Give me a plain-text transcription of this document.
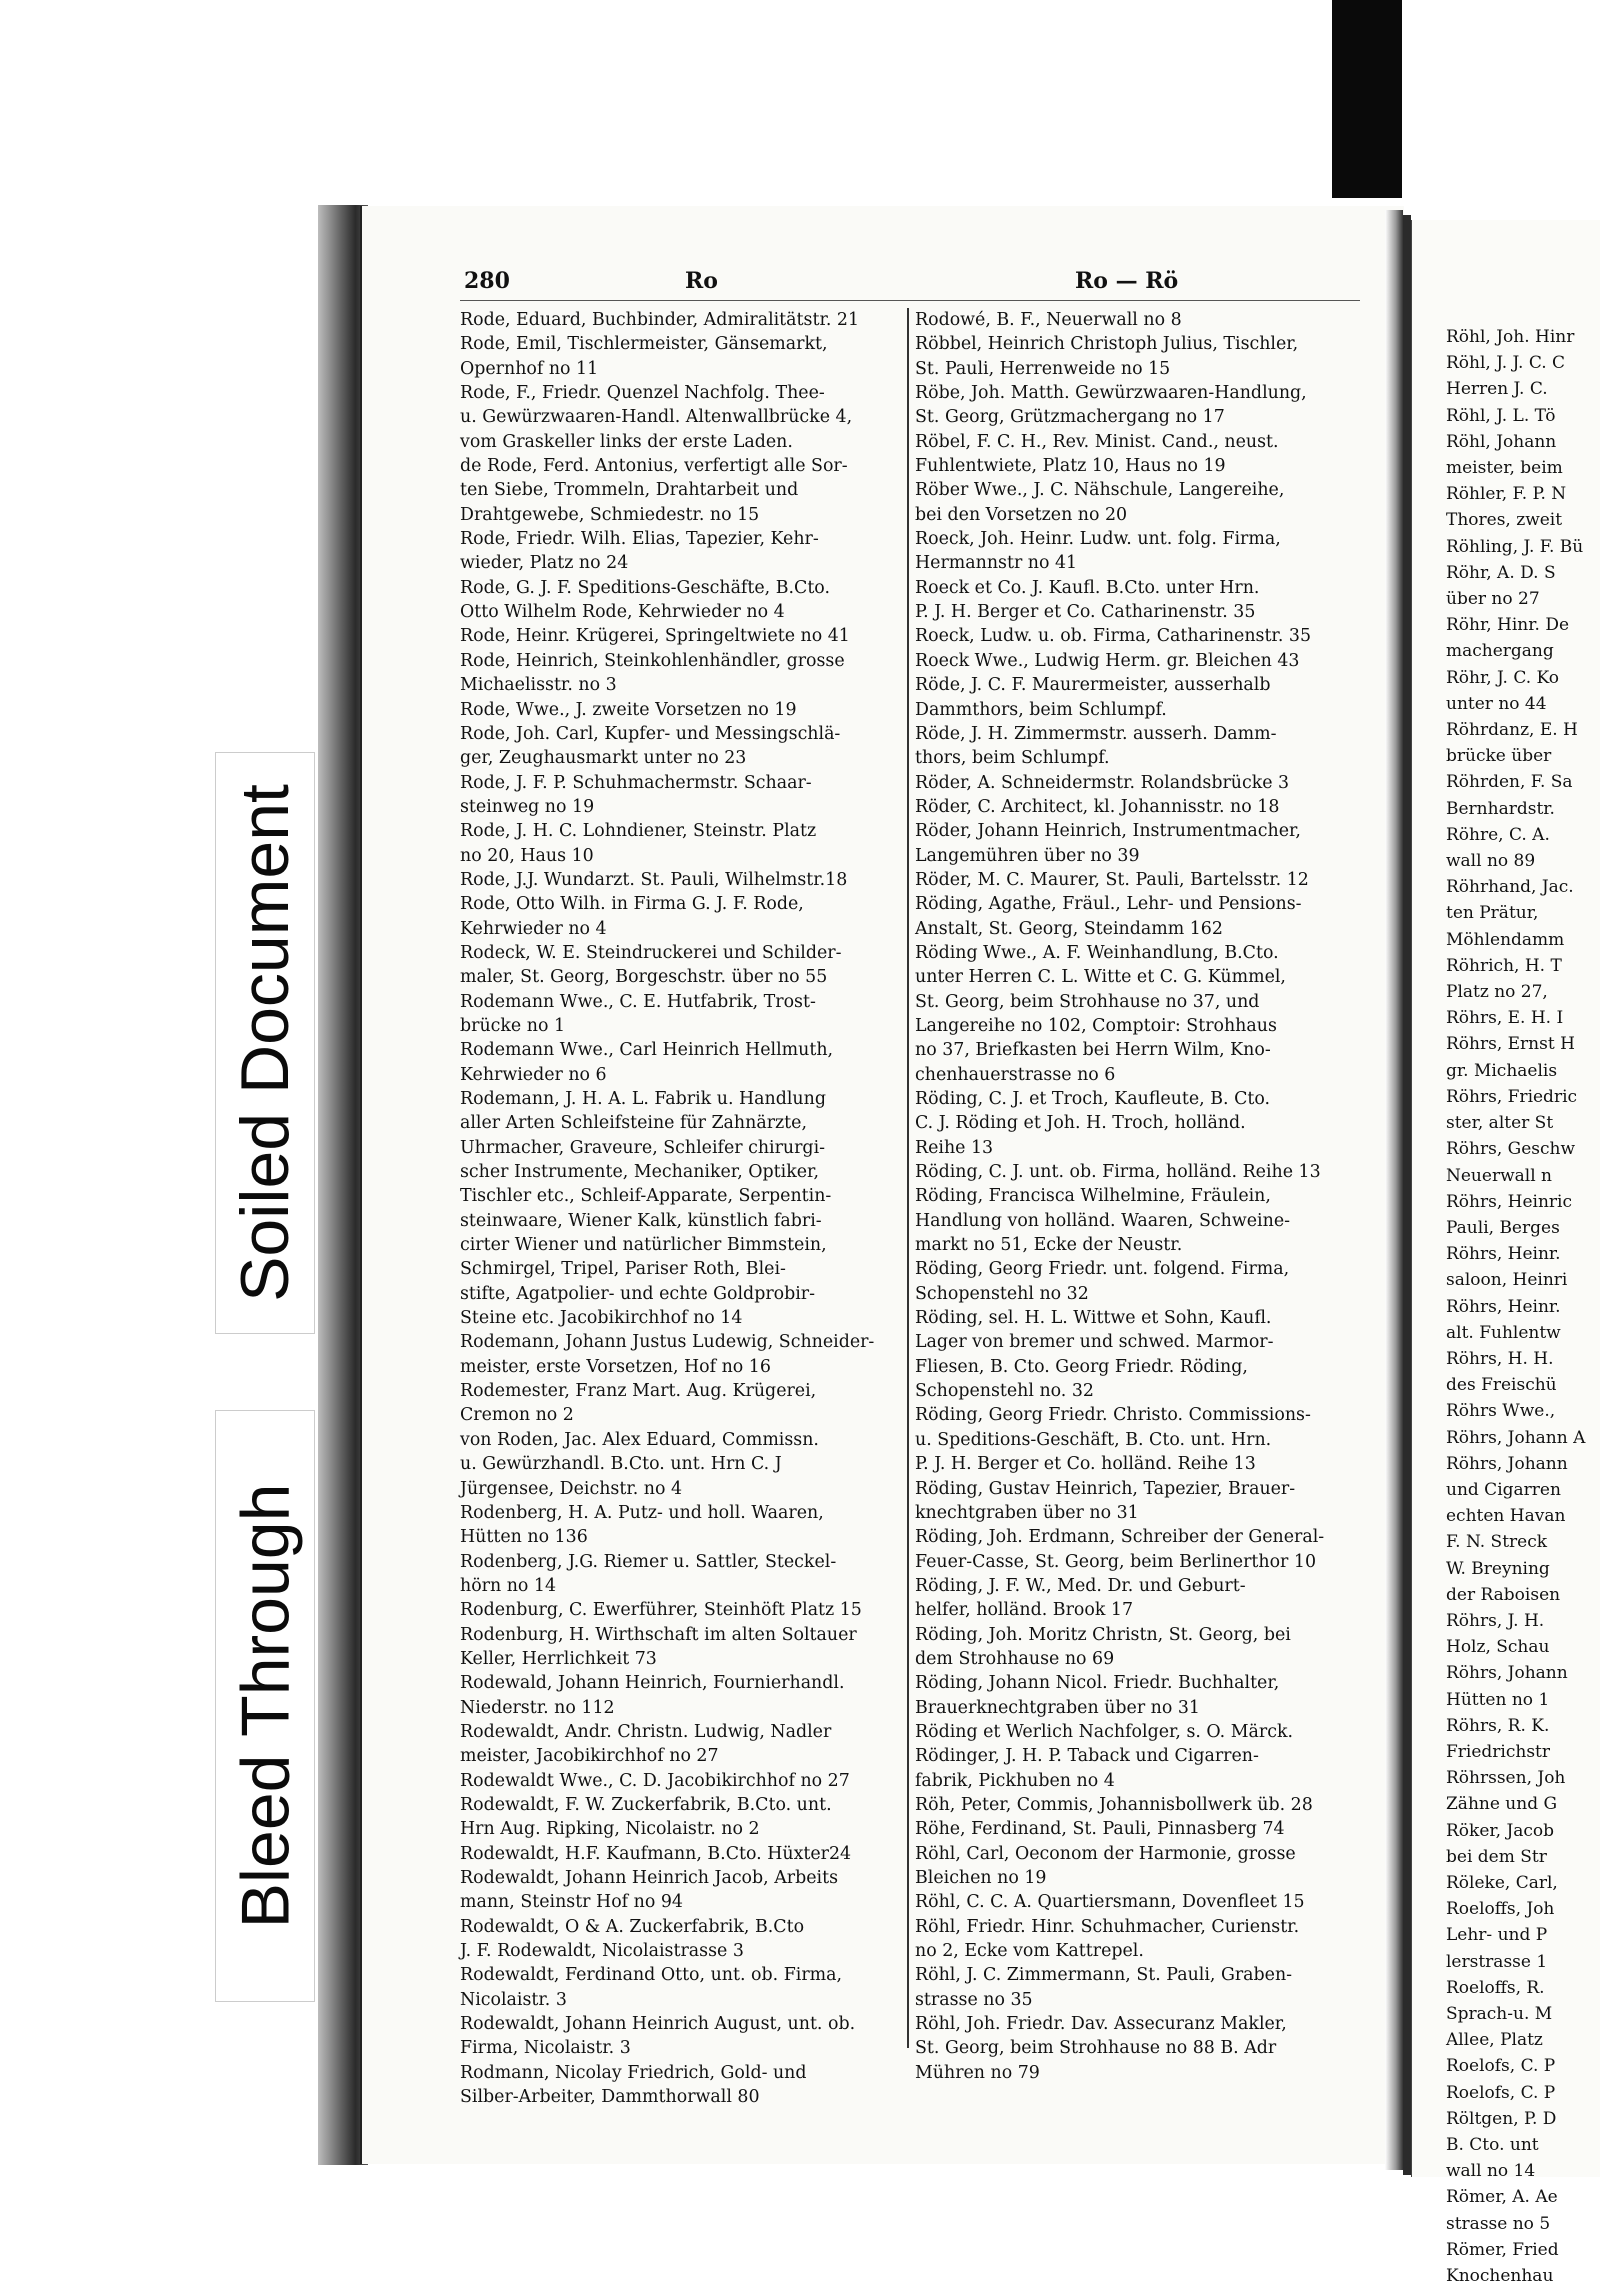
Soiled Document
Bleed Through
280	Ro	Ro — Rö
Rode, Eduard, Buchbinder, Admiralitätstr. 21
Rode, Emil, Tischlermeister, Gänsemarkt,
Opernhof no 11
Rode, F., Friedr. Quenzel Nachfolg. Thee-
u. Gewürzwaaren-Handl. Altenwallbrücke 4,
vom Graskeller links der erste Laden.
de Rode, Ferd. Antonius, verfertigt alle Sor-
ten Siebe, Trommeln, Drahtarbeit und
Drahtgewebe, Schmiedestr. no 15
Rode, Friedr. Wilh. Elias, Tapezier, Kehr-
wieder, Platz no 24
Rode, G. J. F. Speditions-Geschäfte, B.Cto.
Otto Wilhelm Rode, Kehrwieder no 4
Rode, Heinr. Krügerei, Springeltwiete no 41
Rode, Heinrich, Steinkohlenhändler, grosse
Michaelisstr. no 3
Rode, Wwe., J. zweite Vorsetzen no 19
Rode, Joh. Carl, Kupfer- und Messingschlä-
ger, Zeughausmarkt unter no 23
Rode, J. F. P. Schuhmachermstr. Schaar-
steinweg no 19
Rode, J. H. C. Lohndiener, Steinstr. Platz
no 20, Haus 10
Rode, J.J. Wundarzt. St. Pauli, Wilhelmstr.18
Rode, Otto Wilh. in Firma G. J. F. Rode,
Kehrwieder no 4
Rodeck, W. E. Steindruckerei und Schilder-
maler, St. Georg, Borgeschstr. über no 55
Rodemann Wwe., C. E. Hutfabrik, Trost-
brücke no 1
Rodemann Wwe., Carl Heinrich Hellmuth,
Kehrwieder no 6
Rodemann, J. H. A. L. Fabrik u. Handlung
aller Arten Schleifsteine für Zahnärzte,
Uhrmacher, Graveure, Schleifer chirurgi-
scher Instrumente, Mechaniker, Optiker,
Tischler etc., Schleif-Apparate, Serpentin-
steinwaare, Wiener Kalk, künstlich fabri-
cirter Wiener und natürlicher Bimmstein,
Schmirgel, Tripel, Pariser Roth, Blei-
stifte, Agatpolier- und echte Goldprobir-
Steine etc. Jacobikirchhof no 14
Rodemann, Johann Justus Ludewig, Schneider-
meister, erste Vorsetzen, Hof no 16
Rodemester, Franz Mart. Aug. Krügerei,
Cremon no 2
von Roden, Jac. Alex Eduard, Commissn.
u. Gewürzhandl. B.Cto. unt. Hrn C. J
Jürgensee, Deichstr. no 4
Rodenberg, H. A. Putz- und holl. Waaren,
Hütten no 136
Rodenberg, J.G. Riemer u. Sattler, Steckel-
hörn no 14
Rodenburg, C. Ewerführer, Steinhöft Platz 15
Rodenburg, H. Wirthschaft im alten Soltauer
Keller, Herrlichkeit 73
Rodewald, Johann Heinrich, Fournierhandl.
Niederstr. no 112
Rodewaldt, Andr. Christn. Ludwig, Nadler
meister, Jacobikirchhof no 27
Rodewaldt Wwe., C. D. Jacobikirchhof no 27
Rodewaldt, F. W. Zuckerfabrik, B.Cto. unt.
Hrn Aug. Ripking, Nicolaistr. no 2
Rodewaldt, H.F. Kaufmann, B.Cto. Hüxter24
Rodewaldt, Johann Heinrich Jacob, Arbeits
mann, Steinstr Hof no 94
Rodewaldt, O & A. Zuckerfabrik, B.Cto
J. F. Rodewaldt, Nicolaistrasse 3
Rodewaldt, Ferdinand Otto, unt. ob. Firma,
Nicolaistr. 3
Rodewaldt, Johann Heinrich August, unt. ob.
Firma, Nicolaistr. 3
Rodmann, Nicolay Friedrich, Gold- und
Silber-Arbeiter, Dammthorwall 80
Rodowé, B. F., Neuerwall no 8
Röbbel, Heinrich Christoph Julius, Tischler,
St. Pauli, Herrenweide no 15
Röbe, Joh. Matth. Gewürzwaaren-Handlung,
St. Georg, Grützmachergang no 17
Röbel, F. C. H., Rev. Minist. Cand., neust.
Fuhlentwiete, Platz 10, Haus no 19
Röber Wwe., J. C. Nähschule, Langereihe,
bei den Vorsetzen no 20
Roeck, Joh. Heinr. Ludw. unt. folg. Firma,
Hermannstr no 41
Roeck et Co. J. Kaufl. B.Cto. unter Hrn.
P. J. H. Berger et Co. Catharinenstr. 35
Roeck, Ludw. u. ob. Firma, Catharinenstr. 35
Roeck Wwe., Ludwig Herm. gr. Bleichen 43
Röde, J. C. F. Maurermeister, ausserhalb
Dammthors, beim Schlumpf.
Röde, J. H. Zimmermstr. ausserh. Damm-
thors, beim Schlumpf.
Röder, A. Schneidermstr. Rolandsbrücke 3
Röder, C. Architect, kl. Johannisstr. no 18
Röder, Johann Heinrich, Instrumentmacher,
Langemühren über no 39
Röder, M. C. Maurer, St. Pauli, Bartelsstr. 12
Röding, Agathe, Fräul., Lehr- und Pensions-
Anstalt, St. Georg, Steindamm 162
Röding Wwe., A. F. Weinhandlung, B.Cto.
unter Herren C. L. Witte et C. G. Kümmel,
St. Georg, beim Strohhause no 37, und
Langereihe no 102, Comptoir: Strohhaus
no 37, Briefkasten bei Herrn Wilm, Kno-
chenhauerstrasse no 6
Röding, C. J. et Troch, Kaufleute, B. Cto.
C. J. Röding et Joh. H. Troch, holländ.
Reihe 13
Röding, C. J. unt. ob. Firma, holländ. Reihe 13
Röding, Francisca Wilhelmine, Fräulein,
Handlung von holländ. Waaren, Schweine-
markt no 51, Ecke der Neustr.
Röding, Georg Friedr. unt. folgend. Firma,
Schopenstehl no 32
Röding, sel. H. L. Wittwe et Sohn, Kaufl.
Lager von bremer und schwed. Marmor-
Fliesen, B. Cto. Georg Friedr. Röding,
Schopenstehl no. 32
Röding, Georg Friedr. Christo. Commissions-
u. Speditions-Geschäft, B. Cto. unt. Hrn.
P. J. H. Berger et Co. holländ. Reihe 13
Röding, Gustav Heinrich, Tapezier, Brauer-
knechtgraben über no 31
Röding, Joh. Erdmann, Schreiber der General-
Feuer-Casse, St. Georg, beim Berlinerthor 10
Röding, J. F. W., Med. Dr. und Geburt-
helfer, holländ. Brook 17
Röding, Joh. Moritz Christn, St. Georg, bei
dem Strohhause no 69
Röding, Johann Nicol. Friedr. Buchhalter,
Brauerknechtgraben über no 31
Röding et Werlich Nachfolger, s. O. Märck.
Rödinger, J. H. P. Taback und Cigarren-
fabrik, Pickhuben no 4
Röh, Peter, Commis, Johannisbollwerk üb. 28
Röhe, Ferdinand, St. Pauli, Pinnasberg 74
Röhl, Carl, Oeconom der Harmonie, grosse
Bleichen no 19
Röhl, C. C. A. Quartiersmann, Dovenfleet 15
Röhl, Friedr. Hinr. Schuhmacher, Curienstr.
no 2, Ecke vom Kattrepel.
Röhl, J. C. Zimmermann, St. Pauli, Graben-
strasse no 35
Röhl, Joh. Friedr. Dav. Assecuranz Makler,
St. Georg, beim Strohhause no 88 B. Adr
Mühren no 79
Röhl, Joh. Hinr
Röhl, J. J. C. C
Herren J. C.
Röhl, J. L. Tö
Röhl, Johann
meister, beim
Röhler, F. P. N
Thores, zweit
Röhling, J. F. Bü
Röhr, A. D. S
über no 27
Röhr, Hinr. De
machergang
Röhr, J. C. Ko
unter no 44
Röhrdanz, E. H
brücke über
Röhrden, F. Sa
Bernhardstr.
Röhre, C. A.
wall no 89
Röhrhand, Jac.
ten Prätur,
Möhlendamm
Röhrich, H. T
Platz no 27,
Röhrs, E. H. I
Röhrs, Ernst H
gr. Michaelis
Röhrs, Friedric
ster, alter St
Röhrs, Geschw
Neuerwall n
Röhrs, Heinric
Pauli, Berges
Röhrs, Heinr.
saloon, Heinri
Röhrs, Heinr.
alt. Fuhlentw
Röhrs, H. H.
des Freischü
Röhrs Wwe.,
Röhrs, Johann A
Röhrs, Johann
und Cigarren
echten Havan
F. N. Streck
W. Breyning
der Raboisen
Röhrs, J. H.
Holz, Schau
Röhrs, Johann
Hütten no 1
Röhrs, R. K.
Friedrichstr
Röhrssen, Joh
Zähne und G
Röker, Jacob
bei dem Str
Röleke, Carl,
Roeloffs, Joh
Lehr- und P
lerstrasse 1
Roeloffs, R.
Sprach-u. M
Allee, Platz
Roelofs, C. P
Roelofs, C. P
Röltgen, P. D
B. Cto. unt
wall no 14
Römer, A. Ae
strasse no 5
Römer, Fried
Knochenhau
